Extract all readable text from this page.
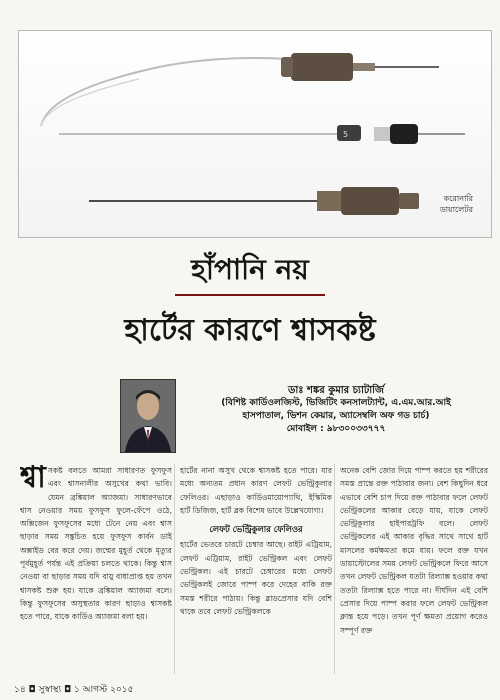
5
করোনারি
ডায়ালেটর
হাঁপানি নয়
হার্টের কারণে শ্বাসকষ্ট
ডাঃ শঙ্কর কুমার চ্যাটার্জি
(বিশিষ্ট কার্ডিওলজিস্ট, ভিজিটিং কনসালট্যান্ট, এ.এম.আর.আই
হাসপাতাল, ভিশন কেয়ার, অ্যাসেম্বলি অফ গড চার্চ)
মোবাইল : ৯৮৩০০৩৩৭৭৭
শ্বা সকষ্ট বলতে আমরা সাধারণত ফুসফুস এবং শ্বাসনালীর অসুখের কথা ভাবি। যেমন ব্রঙ্কিয়াল অ্যাজমা। সাধারণভাবে শ্বাস নেওয়ার সময় ফুসফুস ফুলে-ফেঁপে ওঠে, অক্সিজেন ফুসফুসের মধ্যে টেনে নেয় এবং শ্বাস ছাড়ার সময় সঙ্কুচিত হয়ে ফুসফুস কার্বন ডাই অক্সাইড বের করে দেয়। জন্মের মুহূর্ত থেকে মৃত্যুর পূর্বমুহূর্ত পর্যন্ত এই প্রক্রিয়া চলতে থাকে। কিন্তু শ্বাস নেওয়া বা ছাড়ার সময় যদি বায়ু বাধাপ্রাপ্ত হয় তখন শ্বাসকষ্ট শুরু হয়। যাকে ব্রঙ্কিয়াল অ্যাজমা বলে। কিন্তু ফুসফুসের অসুস্থতার কারণ ছাড়াও শ্বাসকষ্ট হতে পারে, যাকে কার্ডিও অ্যাজমা বলা হয়।

হার্টের নানা অসুখ থেকে শ্বাসকষ্ট হতে পারে। যার মধ্যে অন্যতম প্রধান কারণ লেফট ভেন্ট্রিকুলার ফেলিওর। এছাড়াও কার্ডিওমায়োপ্যাথি, ইস্কিমিক হার্ট ডিজিজ, হার্ট ব্লক বিশেষ ভাবে উল্লেখযোগ্য।

লেফট ভেন্ট্রিকুলার ফেলিওর

হার্টের ভেতরে চারটে চেম্বার আছে। রাইট এট্রিয়াম, লেফট এট্রিয়াম, রাইট ভেন্ট্রিকল এবং লেফট ভেন্ট্রিকল। এই চারটে চেম্বারের মধ্যে লেফট ভেন্ট্রিকলই জোরে পাম্প করে দেহের বাকি রক্ত সমস্ত শরীরে পাঠায়। কিন্তু ব্লাডপ্রেসার যদি বেশি থাকে তবে লেফট ভেন্ট্রিকলকে

অনেক বেশি জোর দিয়ে পাম্প করতে হয় শরীরের সমস্ত প্রান্তে রক্ত পাঠাবার জন্য। বেশ কিছুদিন ধরে এভাবে বেশি চাপ দিয়ে রক্ত পাঠাবার ফলে লেফট ভেন্ট্রিকলের আকার বেড়ে যায়, যাকে লেফট ভেন্ট্রিকুলার হাইপারট্রফি বলে। লেফট ভেন্ট্রিকলের এই আকার বৃদ্ধির সাথে সাথে হার্ট মাসলের কর্মক্ষমতা কমে যায়। ফলে রক্ত যখন ডায়াস্টোলের সময় লেফট ভেন্ট্রিকলে ফিরে আসে তখন লেফট ভেন্ট্রিকল যতটা রিল্যাক্স হওয়ার কথা ততটা রিল্যাক্স হতে পারে না। দীর্ঘদিন এই বেশি প্রেসার দিয়ে পাম্প করার ফলে লেফট ভেন্ট্রিকল ক্লান্ত হয়ে পড়ে। তখন পূর্ণ ক্ষমতা প্রয়োগ করেও সম্পূর্ণ রক্ত

১৪ ◘ সুস্বাস্থ্য ◘ ১ আগস্ট ২০১৫
